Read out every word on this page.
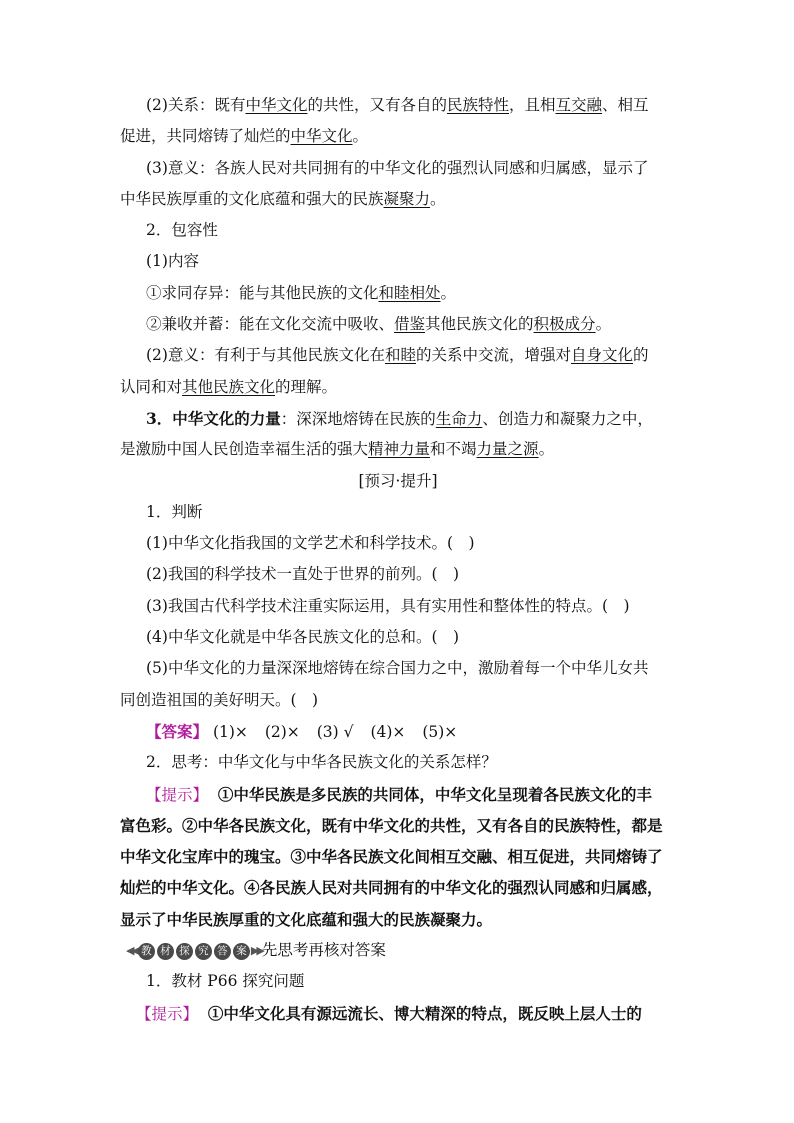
(2)关系：既有中华文化的共性，又有各自的民族特性，且相互交融、相互
促进，共同熔铸了灿烂的中华文化。
(3)意义：各族人民对共同拥有的中华文化的强烈认同感和归属感，显示了
中华民族厚重的文化底蕴和强大的民族凝聚力。
2．包容性
(1)内容
①求同存异：能与其他民族的文化和睦相处。
②兼收并蓄：能在文化交流中吸收、借鉴其他民族文化的积极成分。
(2)意义：有利于与其他民族文化在和睦的关系中交流，增强对自身文化的
认同和对其他民族文化的理解。
3．中华文化的力量：深深地熔铸在民族的生命力、创造力和凝聚力之中，
是激励中国人民创造幸福生活的强大精神力量和不竭力量之源。
[预习·提升]
1．判断
(1)中华文化指我国的文学艺术和科学技术。(　)
(2)我国的科学技术一直处于世界的前列。(　)
(3)我国古代科学技术注重实际运用，具有实用性和整体性的特点。(　)
(4)中华文化就是中华各民族文化的总和。(　)
(5)中华文化的力量深深地熔铸在综合国力之中，激励着每一个中华儿女共
同创造祖国的美好明天。(　)
【答案】 (1)× (2)× (3) √ (4)× (5)×
2．思考：中华文化与中华各民族文化的关系怎样？
【提示】 ①中华民族是多民族的共同体，中华文化呈现着各民族文化的丰
富色彩。②中华各民族文化，既有中华文化的共性，又有各自的民族特性，都是
中华文化宝库中的瑰宝。③中华各民族文化间相互交融、相互促进，共同熔铸了
灿烂的中华文化。④各民族人民对共同拥有的中华文化的强烈认同感和归属感，
显示了中华民族厚重的文化底蕴和强大的民族凝聚力。
◀◀ 教 材 探 究 答 案 ▶▶ 先思考再核对答案
1．教材 P66 探究问题
【提示】 ①中华文化具有源远流长、博大精深的特点，既反映上层人士的
